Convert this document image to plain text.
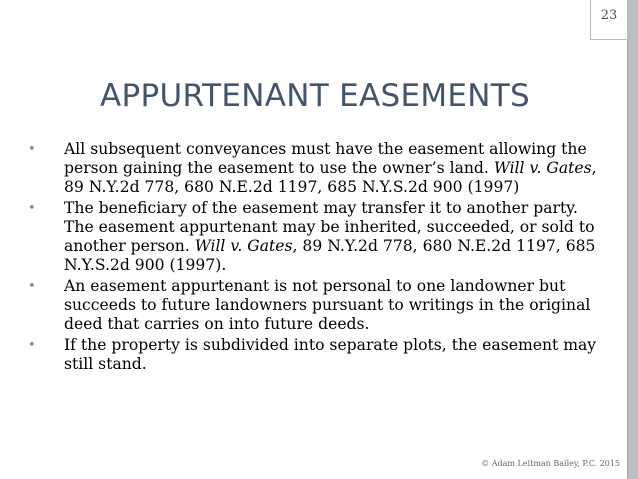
23
APPURTENANT EASEMENTS
• All subsequent conveyances must have the easement allowing the person gaining the easement to use the owner’s land. Will v. Gates, 89 N.Y.2d 778, 680 N.E.2d 1197, 685 N.Y.S.2d 900 (1997)
• The beneficiary of the easement may transfer it to another party. The easement appurtenant may be inherited, succeeded, or sold to another person. Will v. Gates, 89 N.Y.2d 778, 680 N.E.2d 1197, 685 N.Y.S.2d 900 (1997).
• An easement appurtenant is not personal to one landowner but succeeds to future landowners pursuant to writings in the original deed that carries on into future deeds.
• If the property is subdivided into separate plots, the easement may still stand.
© Adam Leitman Bailey, P.C. 2015
